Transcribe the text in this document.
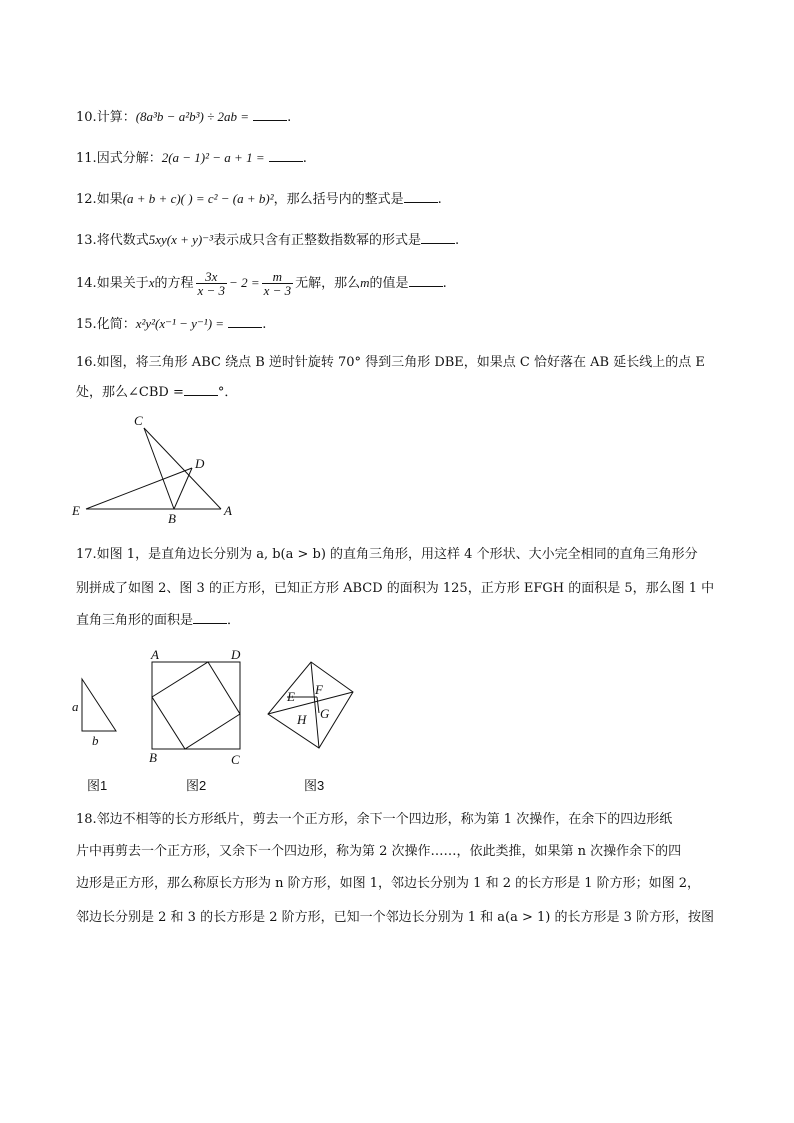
10.计算：(8a³b − a²b³) ÷ 2ab =	.
11.因式分解：2(a − 1)² − a + 1 =	.
12.如果(a + b + c)( ) = c² − (a + b)²，那么括号内的整式是	.
13.将代数式5xy(x + y)⁻³表示成只含有正整数指数幂的形式是	.
14.如果关于x的方程 $\frac{3x}{x - 3} - 2 = \frac{m}{x - 3}$ 无解，那么m的值是	.
15.化简：x²y²(x⁻¹ − y⁻¹) =	.
16.如图，将三角形 ABC 绕点 B 逆时针旋转 70° 得到三角形 DBE，如果点 C 恰好落在 AB 延长线上的点 E
处，那么∠CBD =	°．
C
D
E
B
A
17.如图 1，是直角边长分别为 a, b(a > b) 的直角三角形，用这样 4 个形状、大小完全相同的直角三角形分
别拼成了如图 2、图 3 的正方形，已知正方形 ABCD 的面积为 125，正方形 EFGH 的面积是 5，那么图 1 中
直角三角形的面积是	．
a
b
A	D
B	C
E F
G
H
图1	图2	图3
18.邻边不相等的长方形纸片，剪去一个正方形，余下一个四边形，称为第 1 次操作，在余下的四边形纸
片中再剪去一个正方形，又余下一个四边形，称为第 2 次操作……，依此类推，如果第 n 次操作余下的四
边形是正方形，那么称原长方形为 n 阶方形，如图 1，邻边长分别为 1 和 2 的长方形是 1 阶方形；如图 2，
邻边长分别是 2 和 3 的长方形是 2 阶方形，已知一个邻边长分别为 1 和 a(a > 1) 的长方形是 3 阶方形，按图
